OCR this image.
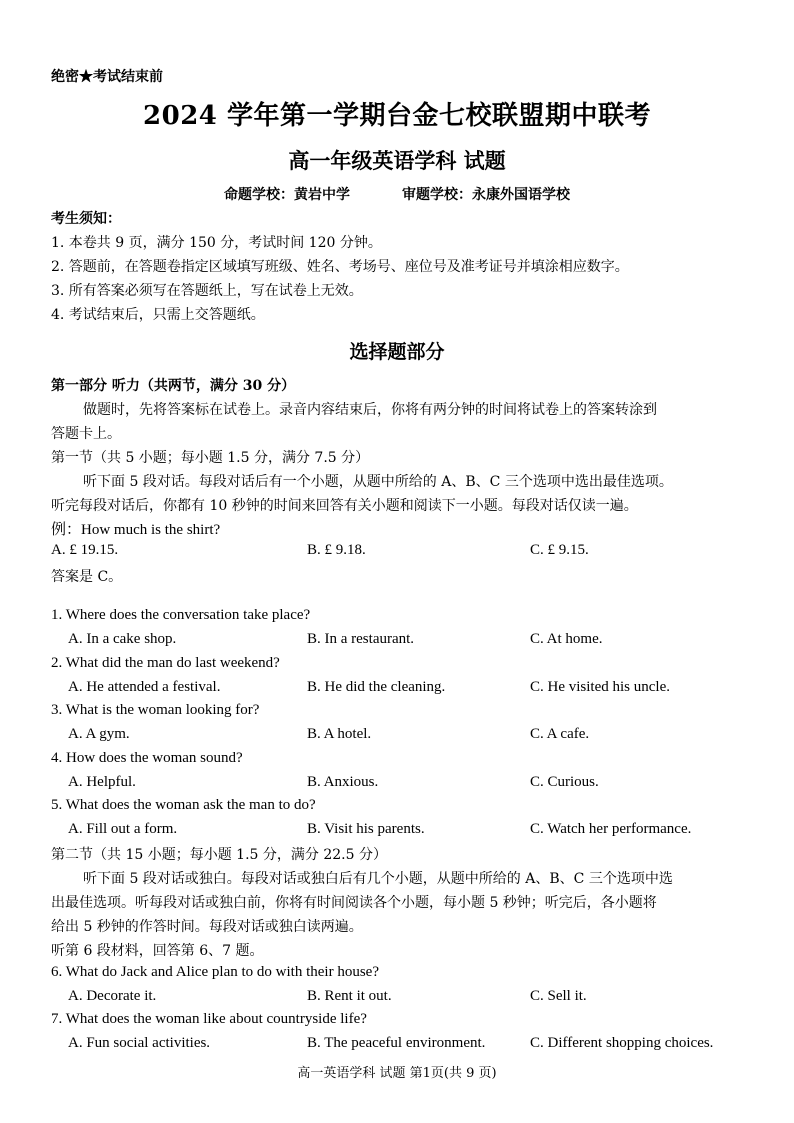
绝密★考试结束前
2024 学年第一学期台金七校联盟期中联考
高一年级英语学科 试题
命题学校：黄岩中学	审题学校：永康外国语学校
考生须知：
1. 本卷共 9 页，满分 150 分，考试时间 120 分钟。
2. 答题前，在答题卷指定区域填写班级、姓名、考场号、座位号及准考证号并填涂相应数字。
3. 所有答案必须写在答题纸上，写在试卷上无效。
4. 考试结束后，只需上交答题纸。
选择题部分
第一部分 听力（共两节，满分 30 分）
做题时，先将答案标在试卷上。录音内容结束后，你将有两分钟的时间将试卷上的答案转涂到
答题卡上。
第一节（共 5 小题；每小题 1.5 分，满分 7.5 分）
听下面 5 段对话。每段对话后有一个小题，从题中所给的 A、B、C 三个选项中选出最佳选项。
听完每段对话后，你都有 10 秒钟的时间来回答有关小题和阅读下一小题。每段对话仅读一遍。
例：How much is the shirt?
A. £ 19.15.	B. £ 9.18.	C. £ 9.15.
答案是 C。
1. Where does the conversation take place?
A. In a cake shop.	B. In a restaurant.	C. At home.
2. What did the man do last weekend?
A. He attended a festival.	B. He did the cleaning.	C. He visited his uncle.
3. What is the woman looking for?
A. A gym.	B. A hotel.	C. A cafe.
4. How does the woman sound?
A. Helpful.	B. Anxious.	C. Curious.
5. What does the woman ask the man to do?
A. Fill out a form.	B. Visit his parents.	C. Watch her performance.
第二节（共 15 小题；每小题 1.5 分，满分 22.5 分）
听下面 5 段对话或独白。每段对话或独白后有几个小题，从题中所给的 A、B、C 三个选项中选
出最佳选项。听每段对话或独白前，你将有时间阅读各个小题，每小题 5 秒钟；听完后，各小题将
给出 5 秒钟的作答时间。每段对话或独白读两遍。
听第 6 段材料，回答第 6、7 题。
6. What do Jack and Alice plan to do with their house?
A. Decorate it.	B. Rent it out.	C. Sell it.
7. What does the woman like about countryside life?
A. Fun social activities.	B. The peaceful environment.	C. Different shopping choices.
高一英语学科 试题 第1页(共 9 页)
